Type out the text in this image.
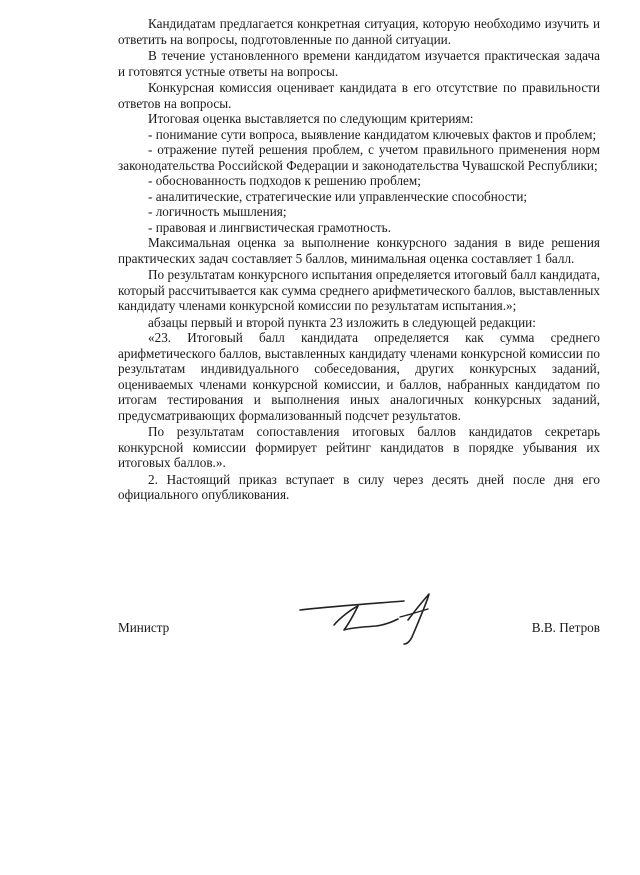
Кандидатам предлагается конкретная ситуация, которую необходимо изучить и ответить на вопросы, подготовленные по данной ситуации.

В течение установленного времени кандидатом изучается практическая задача и готовятся устные ответы на вопросы.

Конкурсная комиссия оценивает кандидата в его отсутствие по правильности ответов на вопросы.

Итоговая оценка выставляется по следующим критериям:

- понимание сути вопроса, выявление кандидатом ключевых фактов и проблем;

- отражение путей решения проблем, с учетом правильного применения норм законодательства Российской Федерации и законодательства Чувашской Республики;

- обоснованность подходов к решению проблем;

- аналитические, стратегические или управленческие способности;

- логичность мышления;

- правовая и лингвистическая грамотность.

Максимальная оценка за выполнение конкурсного задания в виде решения практических задач составляет 5 баллов, минимальная оценка составляет 1 балл.

По результатам конкурсного испытания определяется итоговый балл кандидата, который рассчитывается как сумма среднего арифметического баллов, выставленных кандидату членами конкурсной комиссии по результатам испытания.»;

абзацы первый и второй пункта 23 изложить в следующей редакции:

«23. Итоговый балл кандидата определяется как сумма среднего арифметического баллов, выставленных кандидату членами конкурсной комиссии по результатам индивидуального собеседования, других конкурсных заданий, оцениваемых членами конкурсной комиссии, и баллов, набранных кандидатом по итогам тестирования и выполнения иных аналогичных конкурсных заданий, предусматривающих формализованный подсчет результатов.

По результатам сопоставления итоговых баллов кандидатов секретарь конкурсной комиссии формирует рейтинг кандидатов в порядке убывания их итоговых баллов.».

2. Настоящий приказ вступает в силу через десять дней после дня его официального опубликования.

Министр	В.В. Петров
